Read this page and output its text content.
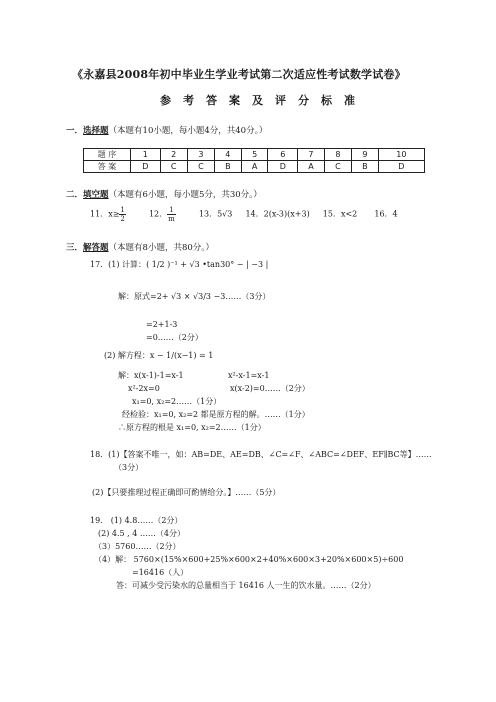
《永嘉县2008年初中毕业生学业考试第二次适应性考试数学试卷》
参考答案及评分标准
一．选择题（本题有10小题，每小题4分，共40分。）
题 序	1	2	3	4	5	6	7	8	9	10
答 案	D	C	C	B	A	D	A	C	B	D
二．填空题（本题有6小题，每小题5分，共30分。）
11．$x\ge \frac{1}{2}$	12． $\frac{1}{m}$	13．5√3 14．2(x-3)(x+3) 15．x<2 16．4
三．解答题（本题有8小题，共80分。）
17．(1) 计算：( 1/2 )⁻¹ + √3 •tan30° − | −3 |
解：原式=2+ √3 × √3/3 −3……（3分）
=2+1-3
=0……（2分）
(2) 解方程：x − 1/(x−1) = 1
解：x(x-1)-1=x-1	x²-x-1=x-1
x²-2x=0	x(x-2)=0……（2分）
x₁=0, x₂=2……（1分）
经检验：x₁=0, x₂=2 都是原方程的解。……（1分）
∴原方程的根是 x₁=0, x₂=2……（1分）
18．(1)【答案不唯一，如：AB=DE、AE=DB、∠C=∠F、∠ABC=∠DEF、EF∥BC等】……
（3分）
(2)【只要推理过程正确即可酌情给分。】……（5分）
19． (1) 4.8……（2分）
(2) 4.5 , 4 ……（4分）
（3）5760……（2分）
（4）解： 5760×(15%×600+25%×600×2+40%×600×3+20%×600×5)÷600
=16416（人）
答：可减少受污染水的总量相当于 16416 人一生的饮水量。……（2分）
